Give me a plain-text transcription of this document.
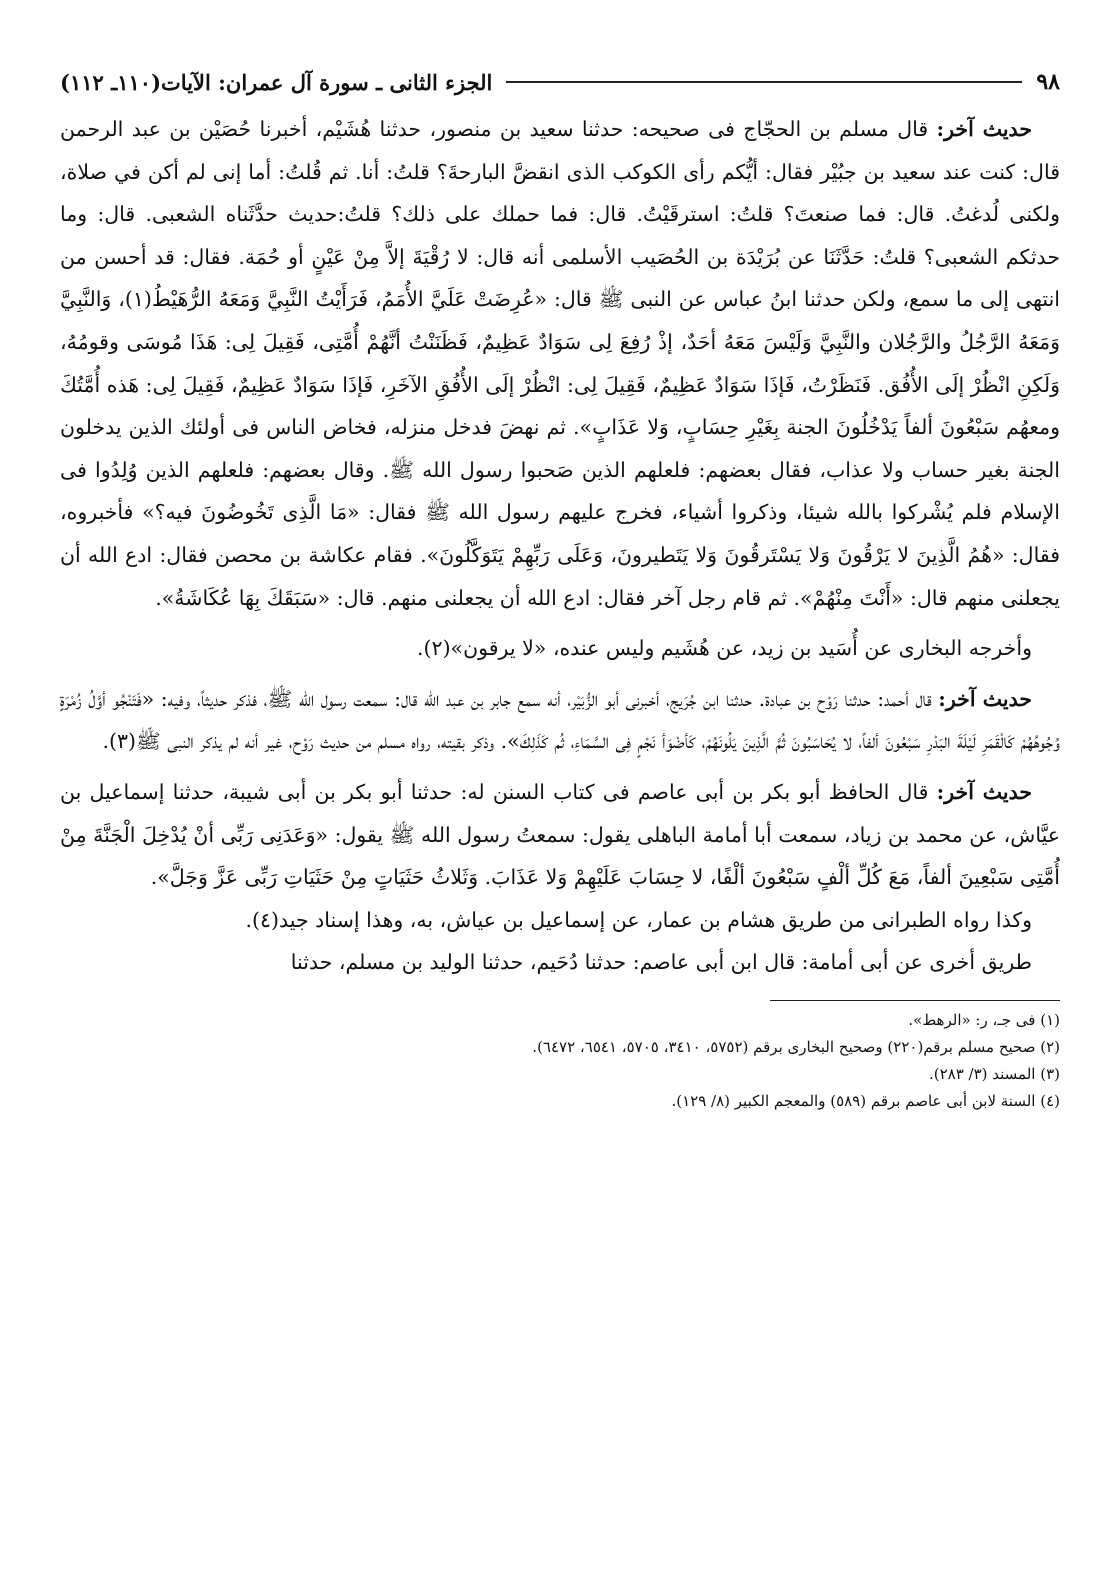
٩٨
الجزء الثانى ـ سورة آل عمران: الآيات(١١٠ـ ١١٢)

حديث آخر: قال مسلم بن الحجّاج فى صحيحه: حدثنا سعيد بن منصور، حدثنا هُشَيْم، أخبرنا حُصَيْن بن عبد الرحمن قال: كنت عند سعيد بن جبُيْر فقال: أيُّكم رأى الكوكب الذى انقضَّ البارحةَ؟ قلتُ: أنا. ثم قُلتُ: أما إنى لم أكن في صلاة، ولكنى لُدغتُ. قال: فما صنعتَ؟ قلتُ: استرقَيْتُ. قال: فما حملك على ذلك؟ قلتُ:حديث حدَّثَناه الشعبى. قال: وما حدثكم الشعبى؟ قلتُ: حَدَّثَنَا عن بُرَيْدَة بن الحُصَيب الأسلمى أنه قال: لا رُقْيَةَ إلاَّ مِنْ عَيْنٍ أو حُمَة. فقال: قد أحسن من انتهى إلى ما سمع، ولكن حدثنا ابنُ عباس عن النبى ﷺ قال: «عُرِضَتْ عَلَيَّ الأُمَمُ، فَرَأَيْتُ النَّبِيَّ وَمَعَهُ الرُّهَيْطُ(١)، وَالنَّبِيَّ وَمَعَهُ الرَّجُلُ والرَّجُلان والنَّبِيَّ وَلَيْسَ مَعَهُ أحَدٌ، إذْ رُفِعَ لِى سَوَادٌ عَظِيمٌ، فَظَنَنْتُ أنَّهُمْ أُمَّتِى، فَقِيلَ لِى: هَذَا مُوسَى وقومُهُ، وَلَكِنِ انْظُرْ إلَى الأُفُق. فَنَظَرْتُ، فَإذَا سَوَادٌ عَظِيمٌ، فَقِيلَ لِى: انْظُرْ إلَى الأُفُقِ الآخَرِ، فَإذَا سَوَادٌ عَظِيمٌ، فَقِيلَ لِى: هَذه أُمَّتُكَ ومعهُم سَبْعُونَ ألفاً يَدْخُلُونَ الجنة بِغَيْرِ حِسَابٍ، وَلا عَذَابٍ». ثم نهضَ فدخل منزله، فخاض الناس فى أولئك الذين يدخلون الجنة بغير حساب ولا عذاب، فقال بعضهم: فلعلهم الذين صَحبوا رسول الله ﷺ. وقال بعضهم: فلعلهم الذين وُلِدُوا فى الإسلام فلم يُشْركوا بالله شيئا، وذكروا أشياء، فخرج عليهم رسول الله ﷺ فقال: «مَا الَّذِى تَخُوضُونَ فيه؟» فأخبروه، فقال: «هُمُ الَّذِينَ لا يَرْقُونَ وَلا يَسْتَرقُونَ وَلا يَتَطيرونَ، وَعَلَى رَبِّهِمْ يَتَوَكَّلُونَ». فقام عكاشة بن محصن فقال: ادع الله أن يجعلنى منهم قال: «أَنْتَ مِنْهُمْ». ثم قام رجل آخر فقال: ادع الله أن يجعلنى منهم. قال: «سَبَقَكَ بِهَا عُكَاشَةُ».

وأخرجه البخارى عن أُسَيد بن زيد، عن هُشَيم وليس عنده، «لا يرقون»(٢).

حديث آخر: قال أحمد: حدثنا رَوْح بن عبادة. حدثنا ابن جُرَيج، أخبرنى أبو الزُّبَيْر، أنه سمع جابر بن عبد الله قال: سمعت رسول الله ﷺ، فذكر حديثاً، وفيه: «فَتَنْجُو أوَّلُ زُمْرَةٍ وُجُوهُهُمْ كَالْقَمَرِ لَيْلَةَ البَدْرِ سَبْعُونَ ألفاً، لا يُحَاسَبُونَ ثُمَّ الَّذِينَ يَلُونَهُمْ، كَأضْوَأ نَجْمٍ فِى السَّمَاءِ، ثُم كَذَلِكَ». وذكر بقيته، رواه مسلم من حديث رَوْح، غير أنه لم يذكر النبى ﷺ(٣).

حديث آخر: قال الحافظ أبو بكر بن أبى عاصم فى كتاب السنن له: حدثنا أبو بكر بن أبى شيبة، حدثنا إسماعيل بن عيَّاش، عن محمد بن زياد، سمعت أبا أمامة الباهلى يقول: سمعتُ رسول الله ﷺ يقول: «وَعَدَنِى رَبِّى أنْ يُدْخِلَ الْجَنَّةَ مِنْ أُمَّتِى سَبْعِينَ ألفاً، مَعَ كُلِّ ألْفٍ سَبْعُونَ ألْفًا، لا حِسَابَ عَلَيْهِمْ وَلا عَذَابَ. وَثَلاثُ حَثَيَاتٍ مِنْ حَثَيَاتِ رَبِّى عَزَّ وَجَلَّ».

وكذا رواه الطبرانى من طريق هشام بن عمار، عن إسماعيل بن عياش، به، وهذا إسناد جيد(٤).

طريق أخرى عن أبى أمامة: قال ابن أبى عاصم: حدثنا دُحَيم، حدثنا الوليد بن مسلم، حدثنا

(١) فى جـ، ر: «الرهط».
(٢) صحيح مسلم برقم(٢٢٠) وصحيح البخارى برقم (٥٧٥٢، ٣٤١٠، ٥٧٠٥، ٦٥٤١، ٦٤٧٢).
(٣) المسند (٣/ ٢٨٣).
(٤) السنة لابن أبى عاصم برقم (٥٨٩) والمعجم الكبير (٨/ ١٢٩).
